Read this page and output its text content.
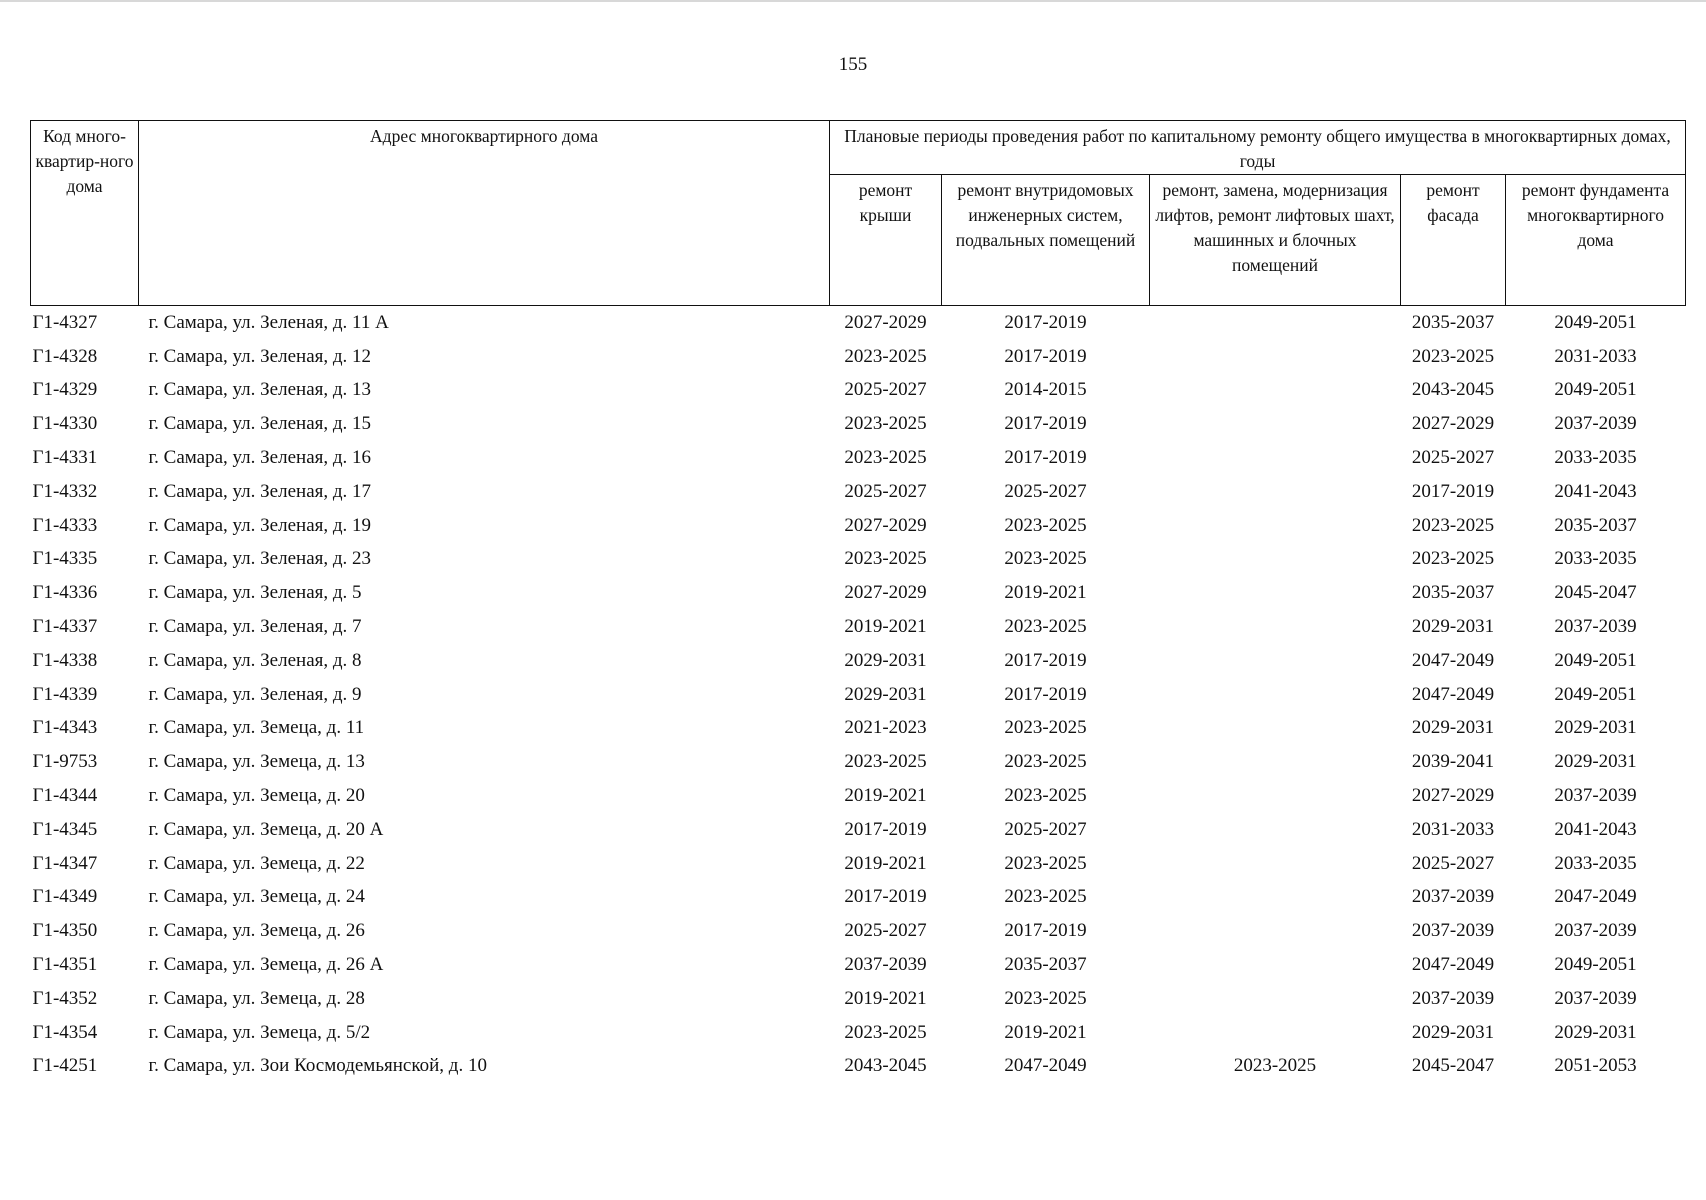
155
Код много-квартир-ного дома	Адрес многоквартирного дома	Плановые периоды проведения работ по капитальному ремонту общего имущества в многоквартирных домах, годы				
		ремонт крыши	ремонт внутридомовых инженерных систем, подвальных помещений	ремонт, замена, модернизация лифтов, ремонт лифтовых шахт, машинных и блочных помещений	ремонт фасада	ремонт фундамента многоквартирного дома
Г1-4327	г. Самара, ул. Зеленая, д. 11 А	2027-2029	2017-2019		2035-2037	2049-2051
Г1-4328	г. Самара, ул. Зеленая, д. 12	2023-2025	2017-2019		2023-2025	2031-2033
Г1-4329	г. Самара, ул. Зеленая, д. 13	2025-2027	2014-2015		2043-2045	2049-2051
Г1-4330	г. Самара, ул. Зеленая, д. 15	2023-2025	2017-2019		2027-2029	2037-2039
Г1-4331	г. Самара, ул. Зеленая, д. 16	2023-2025	2017-2019		2025-2027	2033-2035
Г1-4332	г. Самара, ул. Зеленая, д. 17	2025-2027	2025-2027		2017-2019	2041-2043
Г1-4333	г. Самара, ул. Зеленая, д. 19	2027-2029	2023-2025		2023-2025	2035-2037
Г1-4335	г. Самара, ул. Зеленая, д. 23	2023-2025	2023-2025		2023-2025	2033-2035
Г1-4336	г. Самара, ул. Зеленая, д. 5	2027-2029	2019-2021		2035-2037	2045-2047
Г1-4337	г. Самара, ул. Зеленая, д. 7	2019-2021	2023-2025		2029-2031	2037-2039
Г1-4338	г. Самара, ул. Зеленая, д. 8	2029-2031	2017-2019		2047-2049	2049-2051
Г1-4339	г. Самара, ул. Зеленая, д. 9	2029-2031	2017-2019		2047-2049	2049-2051
Г1-4343	г. Самара, ул. Земеца, д. 11	2021-2023	2023-2025		2029-2031	2029-2031
Г1-9753	г. Самара, ул. Земеца, д. 13	2023-2025	2023-2025		2039-2041	2029-2031
Г1-4344	г. Самара, ул. Земеца, д. 20	2019-2021	2023-2025		2027-2029	2037-2039
Г1-4345	г. Самара, ул. Земеца, д. 20 А	2017-2019	2025-2027		2031-2033	2041-2043
Г1-4347	г. Самара, ул. Земеца, д. 22	2019-2021	2023-2025		2025-2027	2033-2035
Г1-4349	г. Самара, ул. Земеца, д. 24	2017-2019	2023-2025		2037-2039	2047-2049
Г1-4350	г. Самара, ул. Земеца, д. 26	2025-2027	2017-2019		2037-2039	2037-2039
Г1-4351	г. Самара, ул. Земеца, д. 26 А	2037-2039	2035-2037		2047-2049	2049-2051
Г1-4352	г. Самара, ул. Земеца, д. 28	2019-2021	2023-2025		2037-2039	2037-2039
Г1-4354	г. Самара, ул. Земеца, д. 5/2	2023-2025	2019-2021		2029-2031	2029-2031
Г1-4251	г. Самара, ул. Зои Космодемьянской, д. 10	2043-2045	2047-2049	2023-2025	2045-2047	2051-2053
